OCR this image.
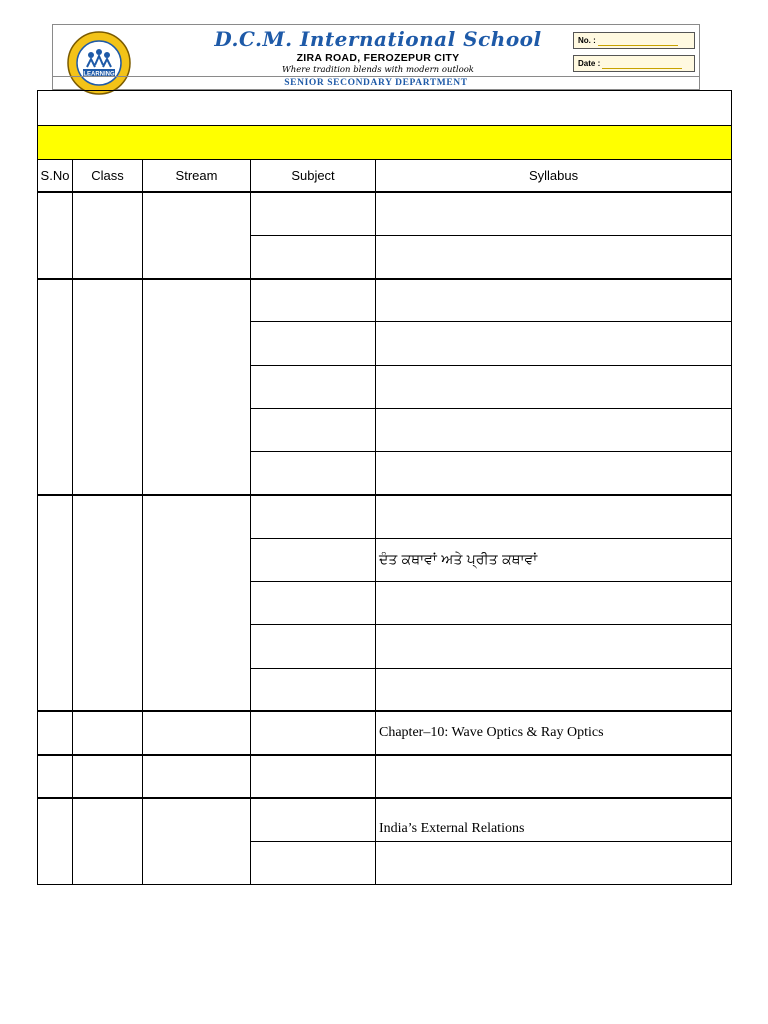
LEARNING
D.C.M. International School
ZIRA ROAD, FEROZEPUR CITY
Where tradition blends with modern outlook
No. :
Date :
SENIOR SECONDARY DEPARTMENT

S.No	Class	Stream	Subject	Syllabus

				ਦੰਤ ਕਥਾਵਾਂ ਅਤੇ ਪ੍ਰੀਤ ਕਥਾਵਾਂ

				Chapter–10: Wave Optics & Ray Optics

				India’s External Relations
